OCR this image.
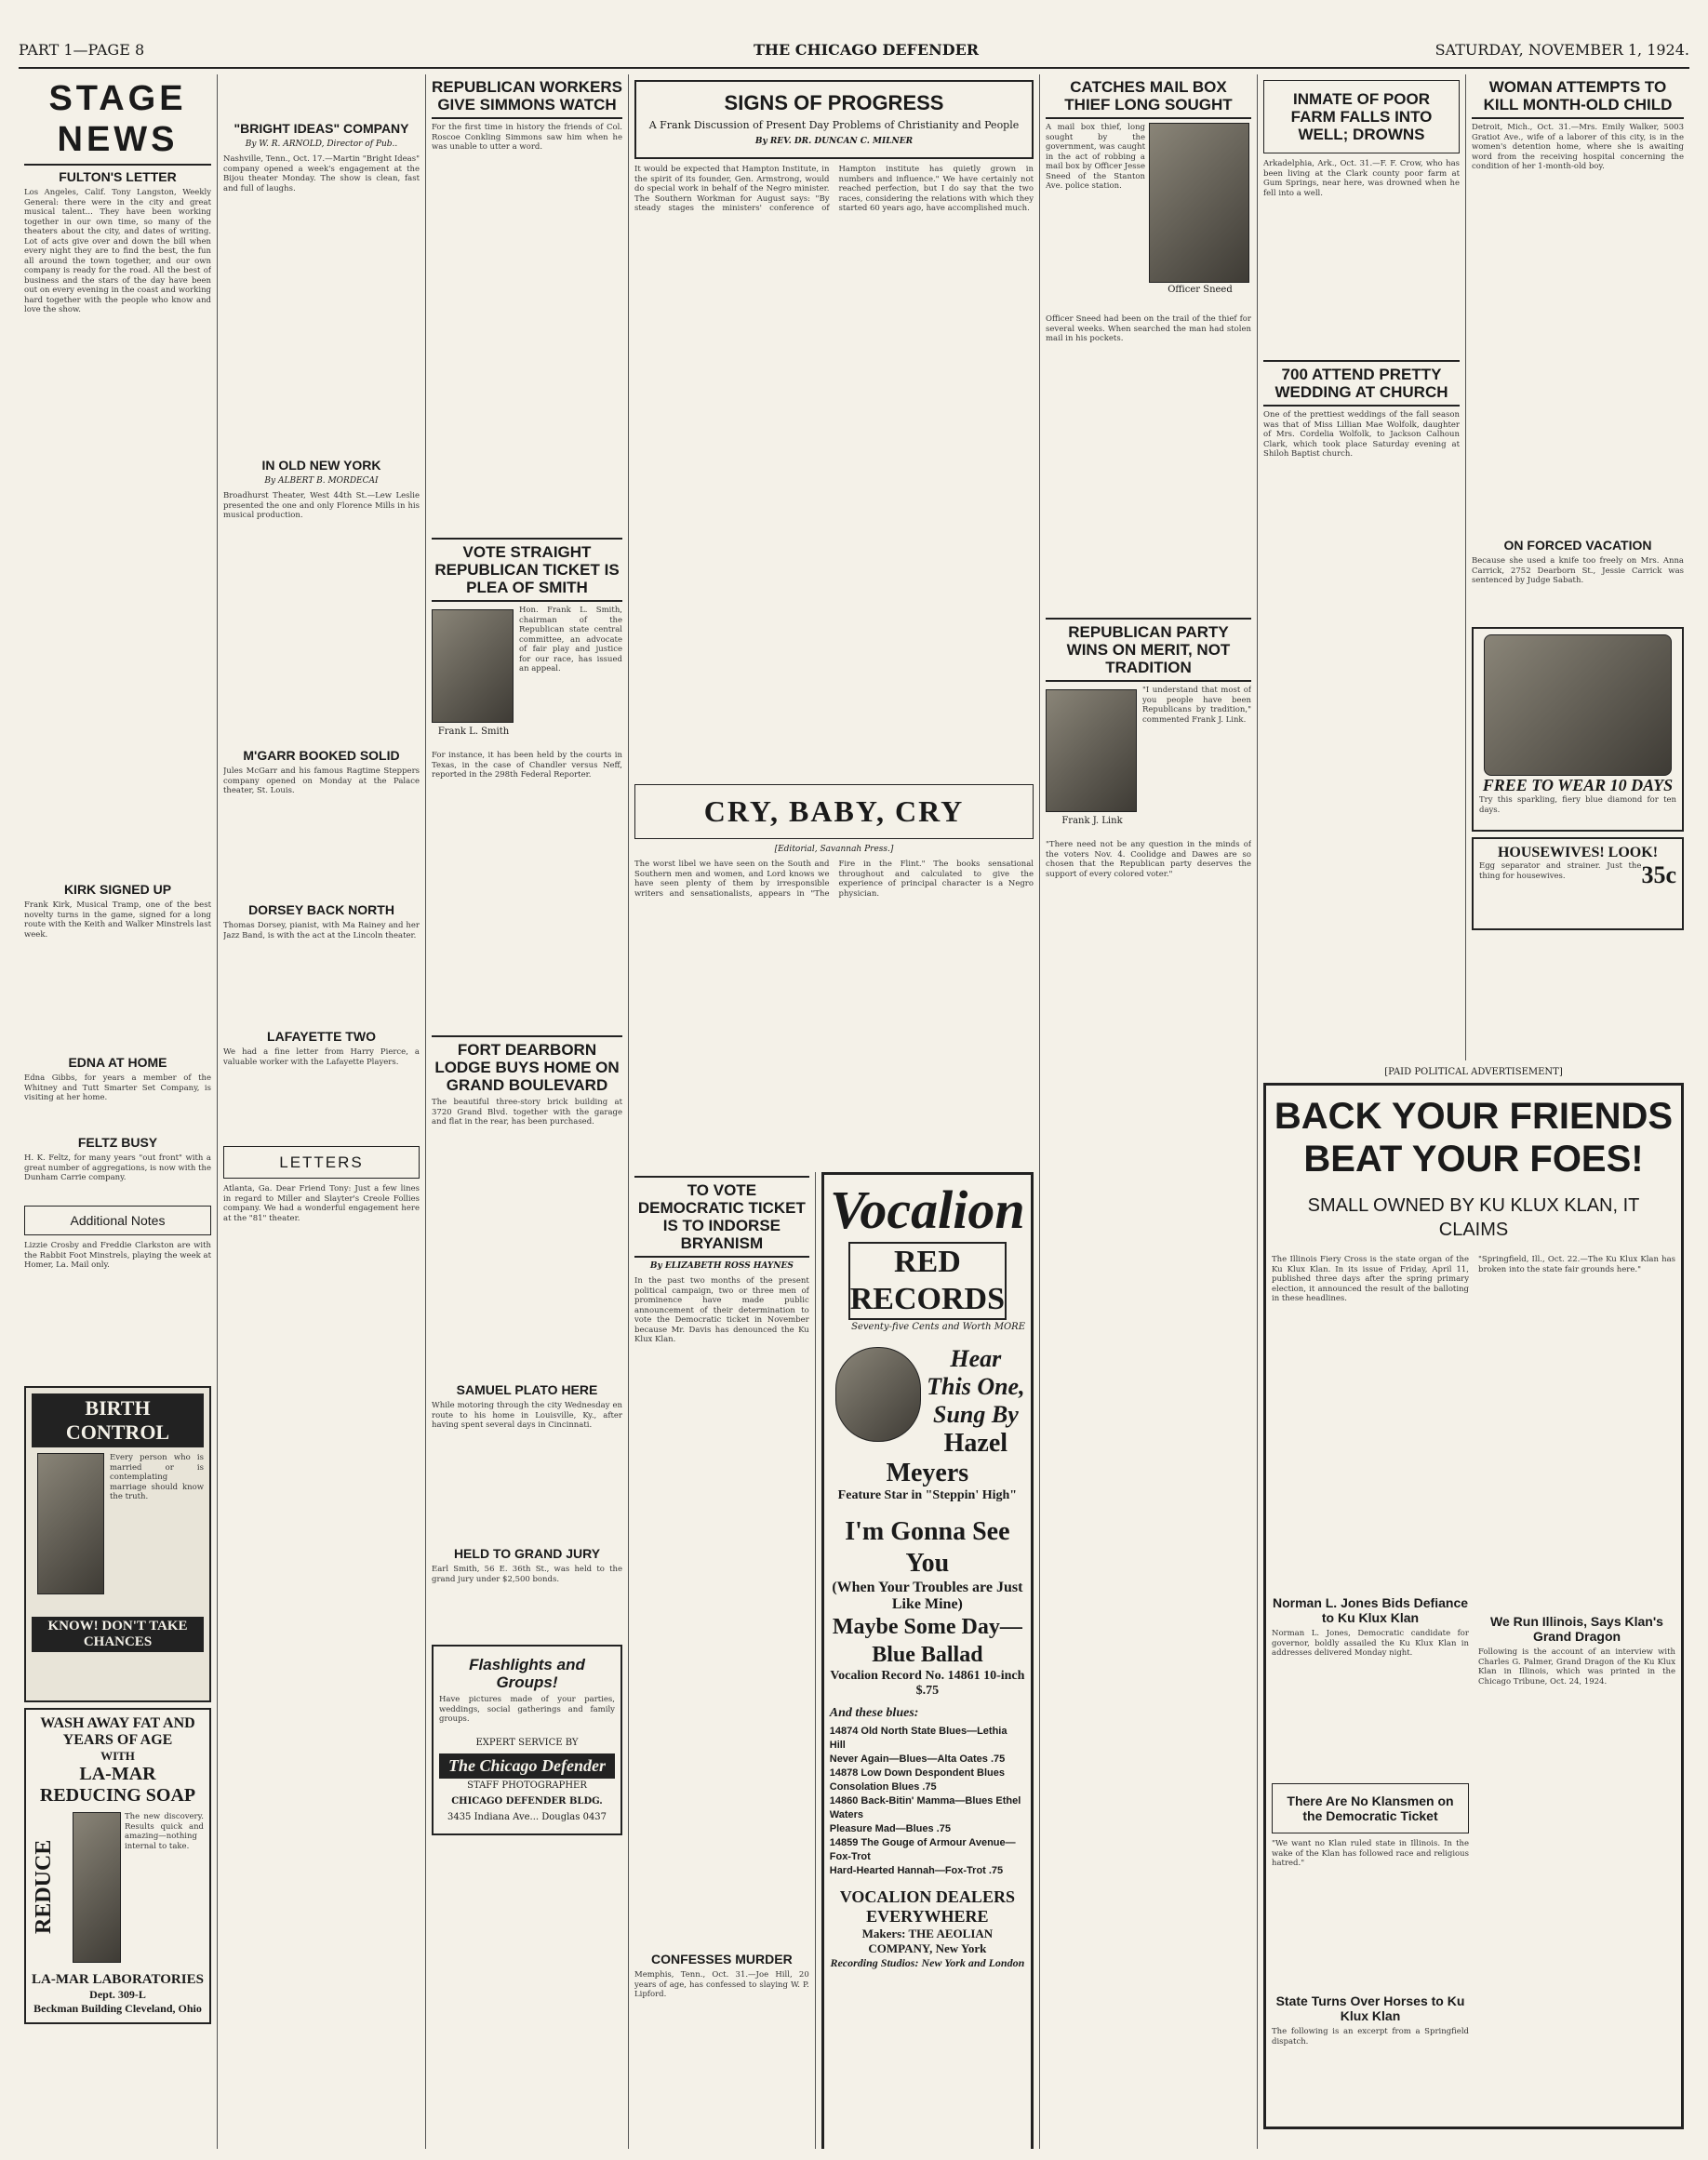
PART 1—PAGE 8	THE CHICAGO DEFENDER	SATURDAY, NOVEMBER 1, 1924.
STAGE NEWS
FULTON'S LETTER
Los Angeles, Calif. Tony Langston, Weekly General: there were in the city and great musical talent... They have been working together in our own time, so many of the theaters about the city, and dates of writing. Lot of acts give over and down the bill when every night they are to find the best, the fun all around the town together, and our own company is ready for the road. All the best of business and the stars of the day have been out on every evening in the coast and working hard together with the people who know and love the show.
KIRK SIGNED UP
Frank Kirk, Musical Tramp, one of the best novelty turns in the game, signed for a long route with the Keith and Walker Minstrels last week.
EDNA AT HOME
Edna Gibbs, for years a member of the Whitney and Tutt Smarter Set Company, is visiting at her home.
FELTZ BUSY
H. K. Feltz, for many years "out front" with a great number of aggregations, is now with the Dunham Carrie company.
Additional Notes
Lizzie Crosby and Freddie Clarkston are with the Rabbit Foot Minstrels, playing the week at Homer, La. Mail only.
BIRTH CONTROL
Every person who is married or is contemplating marriage should know the truth.
KNOW! DON'T TAKE CHANCES
WASH AWAY FAT AND YEARS OF AGE
WITH
LA-MAR REDUCING SOAP
REDUCE
The new discovery. Results quick and amazing—nothing internal to take.
LA-MAR LABORATORIES
Dept. 309-L
Beckman Building Cleveland, Ohio
"BRIGHT IDEAS" COMPANY
By W. R. ARNOLD, Director of Pub..
Nashville, Tenn., Oct. 17.—Martin "Bright Ideas" company opened a week's engagement at the Bijou theater Monday. The show is clean, fast and full of laughs.
IN OLD NEW YORK
By ALBERT B. MORDECAI
Broadhurst Theater, West 44th St.—Lew Leslie presented the one and only Florence Mills in his musical production.
M'GARR BOOKED SOLID
Jules McGarr and his famous Ragtime Steppers company opened on Monday at the Palace theater, St. Louis.
DORSEY BACK NORTH
Thomas Dorsey, pianist, with Ma Rainey and her Jazz Band, is with the act at the Lincoln theater.
LAFAYETTE TWO
We had a fine letter from Harry Pierce, a valuable worker with the Lafayette Players.
LETTERS
Atlanta, Ga. Dear Friend Tony: Just a few lines in regard to Miller and Slayter's Creole Follies company. We had a wonderful engagement here at the "81" theater.
REPUBLICAN WORKERS GIVE SIMMONS WATCH
For the first time in history the friends of Col. Roscoe Conkling Simmons saw him when he was unable to utter a word.
VOTE STRAIGHT REPUBLICAN TICKET IS PLEA OF SMITH
Frank L. Smith
Hon. Frank L. Smith, chairman of the Republican state central committee, an advocate of fair play and justice for our race, has issued an appeal.
For instance, it has been held by the courts in Texas, in the case of Chandler versus Neff, reported in the 298th Federal Reporter.
FORT DEARBORN LODGE BUYS HOME ON GRAND BOULEVARD
The beautiful three-story brick building at 3720 Grand Blvd. together with the garage and flat in the rear, has been purchased.
SAMUEL PLATO HERE
While motoring through the city Wednesday en route to his home in Louisville, Ky., after having spent several days in Cincinnati.
HELD TO GRAND JURY
Earl Smith, 56 E. 36th St., was held to the grand jury under $2,500 bonds.
Flashlights and Groups!
Have pictures made of your parties, weddings, social gatherings and family groups.
EXPERT SERVICE BY
The Chicago Defender
STAFF PHOTOGRAPHER
CHICAGO DEFENDER BLDG.
3435 Indiana Ave... Douglas 0437
SIGNS OF PROGRESS
A Frank Discussion of Present Day Problems of Christianity and People
By REV. DR. DUNCAN C. MILNER
It would be expected that Hampton Institute, in the spirit of its founder, Gen. Armstrong, would do special work in behalf of the Negro minister. The Southern Workman for August says: "By steady stages the ministers' conference of Hampton institute has quietly grown in numbers and influence." We have certainly not reached perfection, but I do say that the two races, considering the relations with which they started 60 years ago, have accomplished much.
CRY, BABY, CRY
[Editorial, Savannah Press.]
The worst libel we have seen on the South and Southern men and women, and Lord knows we have seen plenty of them by irresponsible writers and sensationalists, appears in "The Fire in the Flint." The books sensational throughout and calculated to give the experience of principal character is a Negro physician.
TO VOTE DEMOCRATIC TICKET IS TO INDORSE BRYANISM
By ELIZABETH ROSS HAYNES
In the past two months of the present political campaign, two or three men of prominence have made public announcement of their determination to vote the Democratic ticket in November because Mr. Davis has denounced the Ku Klux Klan.
CONFESSES MURDER
Memphis, Tenn., Oct. 31.—Joe Hill, 20 years of age, has confessed to slaying W. P. Lipford.
Vocalion
RED RECORDS
Seventy-five Cents and Worth MORE
Hear This One, Sung By
Hazel Meyers
Feature Star in "Steppin' High"
I'm Gonna See You
(When Your Troubles are Just Like Mine)
Maybe Some Day—Blue Ballad
Vocalion Record No. 14861 10-inch $.75
And these blues:
14874 Old North State Blues—Lethia Hill
Never Again—Blues—Alta Oates .75
14878 Low Down Despondent Blues
Consolation Blues .75
14860 Back-Bitin' Mamma—Blues Ethel Waters
Pleasure Mad—Blues .75
14859 The Gouge of Armour Avenue—Fox-Trot
Hard-Hearted Hannah—Fox-Trot .75
VOCALION DEALERS EVERYWHERE
Makers: THE AEOLIAN COMPANY, New York
Recording Studios: New York and London
CATCHES MAIL BOX THIEF LONG SOUGHT
A mail box thief, long sought by the government, was caught in the act of robbing a mail box by Officer Jesse Sneed of the Stanton Ave. police station.
Officer Sneed
Officer Sneed had been on the trail of the thief for several weeks. When searched the man had stolen mail in his pockets.
REPUBLICAN PARTY WINS ON MERIT, NOT TRADITION
Frank J. Link
"I understand that most of you people have been Republicans by tradition," commented Frank J. Link.
"There need not be any question in the minds of the voters Nov. 4. Coolidge and Dawes are so chosen that the Republican party deserves the support of every colored voter."
INMATE OF POOR FARM FALLS INTO WELL; DROWNS
Arkadelphia, Ark., Oct. 31.—F. F. Crow, who has been living at the Clark county poor farm at Gum Springs, near here, was drowned when he fell into a well.
700 ATTEND PRETTY WEDDING AT CHURCH
One of the prettiest weddings of the fall season was that of Miss Lillian Mae Wolfolk, daughter of Mrs. Cordelia Wolfolk, to Jackson Calhoun Clark, which took place Saturday evening at Shiloh Baptist church.
WOMAN ATTEMPTS TO KILL MONTH-OLD CHILD
Detroit, Mich., Oct. 31.—Mrs. Emily Walker, 5003 Gratiot Ave., wife of a laborer of this city, is in the women's detention home, where she is awaiting word from the receiving hospital concerning the condition of her 1-month-old boy.
ON FORCED VACATION
Because she used a knife too freely on Mrs. Anna Carrick, 2752 Dearborn St., Jessie Carrick was sentenced by Judge Sabath.
FREE TO WEAR 10 DAYS
Try this sparkling, fiery blue diamond for ten days.
HOUSEWIVES! LOOK!
35c
Egg separator and strainer. Just the thing for housewives.
[PAID POLITICAL ADVERTISEMENT]
BACK YOUR FRIENDS BEAT YOUR FOES!
SMALL OWNED BY KU KLUX KLAN, IT CLAIMS
The Illinois Fiery Cross is the state organ of the Ku Klux Klan. In its issue of Friday, April 11, published three days after the spring primary election, it announced the result of the balloting in these headlines.
Norman L. Jones Bids Defiance to Ku Klux Klan
Norman L. Jones, Democratic candidate for governor, boldly assailed the Ku Klux Klan in addresses delivered Monday night.
There Are No Klansmen on the Democratic Ticket
"We want no Klan ruled state in Illinois. In the wake of the Klan has followed race and religious hatred."
State Turns Over Horses to Ku Klux Klan
The following is an excerpt from a Springfield dispatch.
"Springfield, Ill., Oct. 22.—The Ku Klux Klan has broken into the state fair grounds here."
We Run Illinois, Says Klan's Grand Dragon
Following is the account of an interview with Charles G. Palmer, Grand Dragon of the Ku Klux Klan in Illinois, which was printed in the Chicago Tribune, Oct. 24, 1924.
